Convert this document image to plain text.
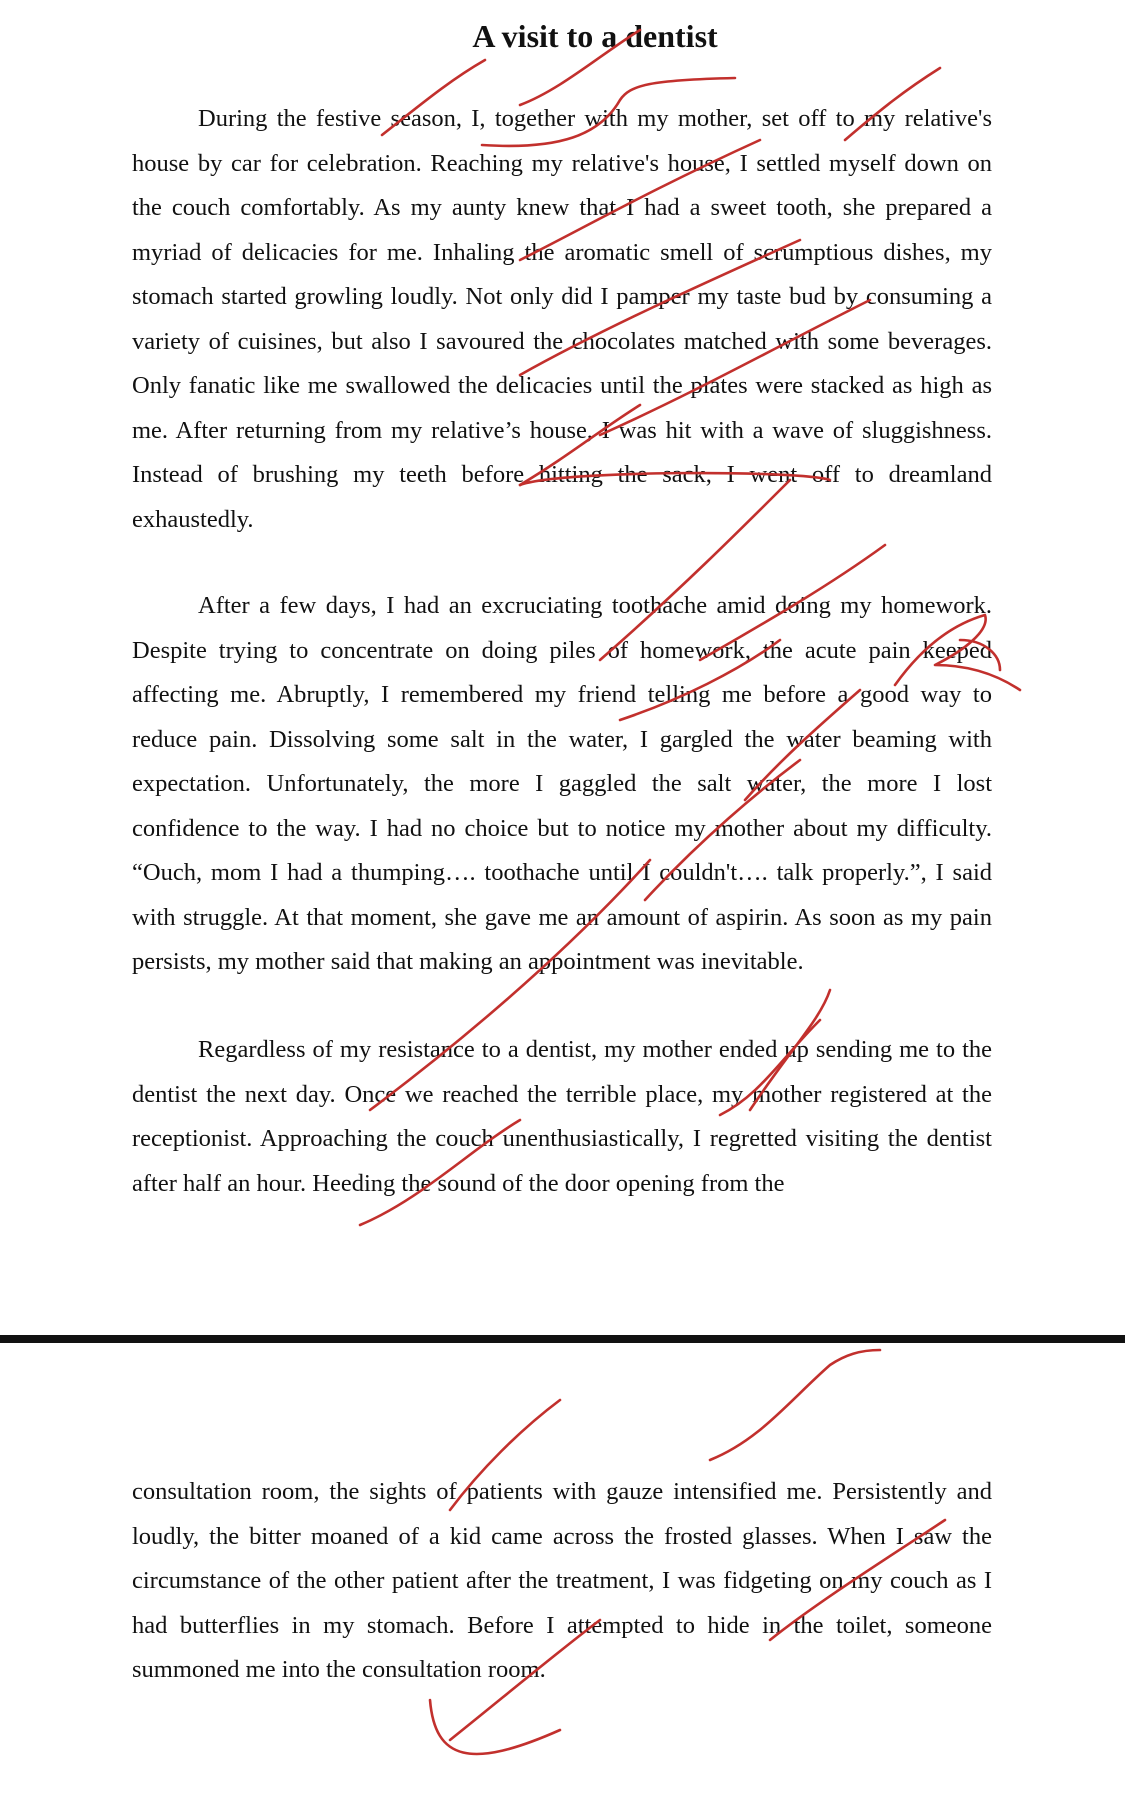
A visit to a dentist

During the festive season, I, together with my mother, set off to my relative's house by car for celebration. Reaching my relative's house, I settled myself down on the couch comfortably. As my aunty knew that I had a sweet tooth, she prepared a myriad of delicacies for me. Inhaling the aromatic smell of scrumptious dishes, my stomach started growling loudly. Not only did I pamper my taste bud by consuming a variety of cuisines, but also I savoured the chocolates matched with some beverages. Only fanatic like me swallowed the delicacies until the plates were stacked as high as me. After returning from my relative’s house, I was hit with a wave of sluggishness. Instead of brushing my teeth before hitting the sack, I went off to dreamland exhaustedly.

After a few days, I had an excruciating toothache amid doing my homework. Despite trying to concentrate on doing piles of homework, the acute pain keeped affecting me. Abruptly, I remembered my friend telling me before a good way to reduce pain. Dissolving some salt in the water, I gargled the water beaming with expectation. Unfortunately, the more I gaggled the salt water, the more I lost confidence to the way. I had no choice but to notice my mother about my difficulty. “Ouch, mom I had a thumping…. toothache until I couldn't…. talk properly.”, I said with struggle. At that moment, she gave me an amount of aspirin. As soon as my pain persists, my mother said that making an appointment was inevitable.

Regardless of my resistance to a dentist, my mother ended up sending me to the dentist the next day. Once we reached the terrible place, my mother registered at the receptionist. Approaching the couch unenthusiastically, I regretted visiting the dentist after half an hour. Heeding the sound of the door opening from the

consultation room, the sights of patients with gauze intensified me. Persistently and loudly, the bitter moaned of a kid came across the frosted glasses. When I saw the circumstance of the other patient after the treatment, I was fidgeting on my couch as I had butterflies in my stomach. Before I attempted to hide in the toilet, someone summoned me into the consultation room.
